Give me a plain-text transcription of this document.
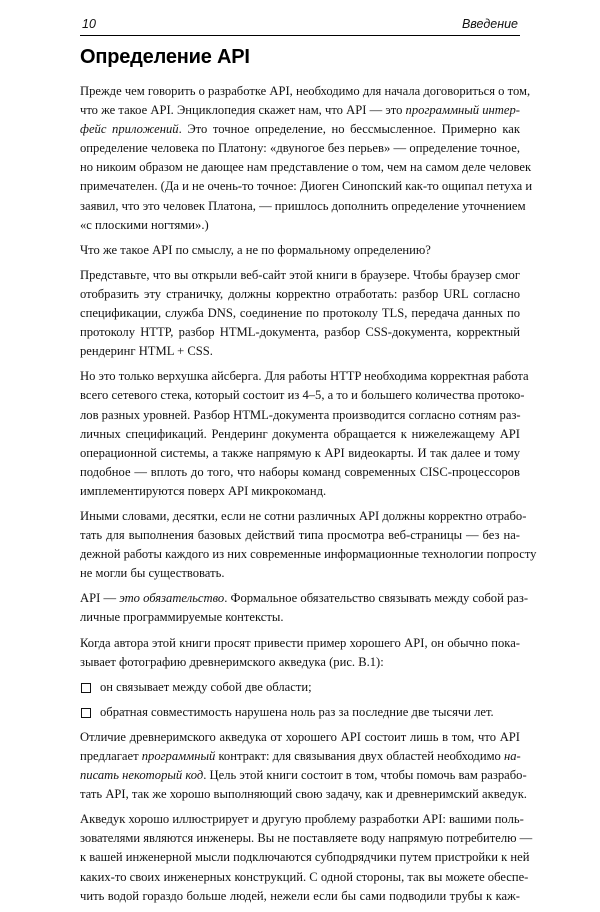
10	Введение
Определение API

Прежде чем говорить о разработке API, необходимо для начала договориться о том,
что же такое API. Энциклопедия скажет нам, что API — это программный интер-
фейс приложений. Это точное определение, но бессмысленное. Примерно как
определение человека по Платону: «двуногое без перьев» — определение точное,
но никоим образом не дающее нам представление о том, чем на самом деле человек
примечателен. (Да и не очень-то точное: Диоген Синопский как-то ощипал петуха и
заявил, что это человек Платона, — пришлось дополнить определение уточнением
«с плоскими ногтями».)

Что же такое API по смыслу, а не по формальному определению?

Представьте, что вы открыли веб-сайт этой книги в браузере. Чтобы браузер смог
отобразить эту страничку, должны корректно отработать: разбор URL согласно
спецификации, служба DNS, соединение по протоколу TLS, передача данных по
протоколу HTTP, разбор HTML-документа, разбор CSS-документа, корректный
рендеринг HTML + CSS.

Но это только верхушка айсберга. Для работы HTTP необходима корректная работа
всего сетевого стека, который состоит из 4–5, а то и большего количества протоко-
лов разных уровней. Разбор HTML-документа производится согласно сотням раз-
личных спецификаций. Рендеринг документа обращается к нижележащему API
операционной системы, а также напрямую к API видеокарты. И так далее и тому
подобное — вплоть до того, что наборы команд современных CISC-процессоров
имплементируются поверх API микрокоманд.

Иными словами, десятки, если не сотни различных API должны корректно отрабо-
тать для выполнения базовых действий типа просмотра веб-страницы — без на-
дежной работы каждого из них современные информационные технологии попросту
не могли бы существовать.

API — это обязательство. Формальное обязательство связывать между собой раз-
личные программируемые контексты.

Когда автора этой книги просят привести пример хорошего API, он обычно пока-
зывает фотографию древнеримского акведука (рис. В.1):

он связывает между собой две области;
обратная совместимость нарушена ноль раз за последние две тысячи лет.

Отличие древнеримского акведука от хорошего API состоит лишь в том, что API
предлагает программный контракт: для связывания двух областей необходимо на-
писать некоторый код. Цель этой книги состоит в том, чтобы помочь вам разрабо-
тать API, так же хорошо выполняющий свою задачу, как и древнеримский акведук.

Акведук хорошо иллюстрирует и другую проблему разработки API: вашими поль-
зователями являются инженеры. Вы не поставляете воду напрямую потребителю —
к вашей инженерной мысли подключаются субподрядчики путем пристройки к ней
каких-то своих инженерных конструкций. С одной стороны, так вы можете обеспе-
чить водой гораздо больше людей, нежели если бы сами подводили трубы к каж-
